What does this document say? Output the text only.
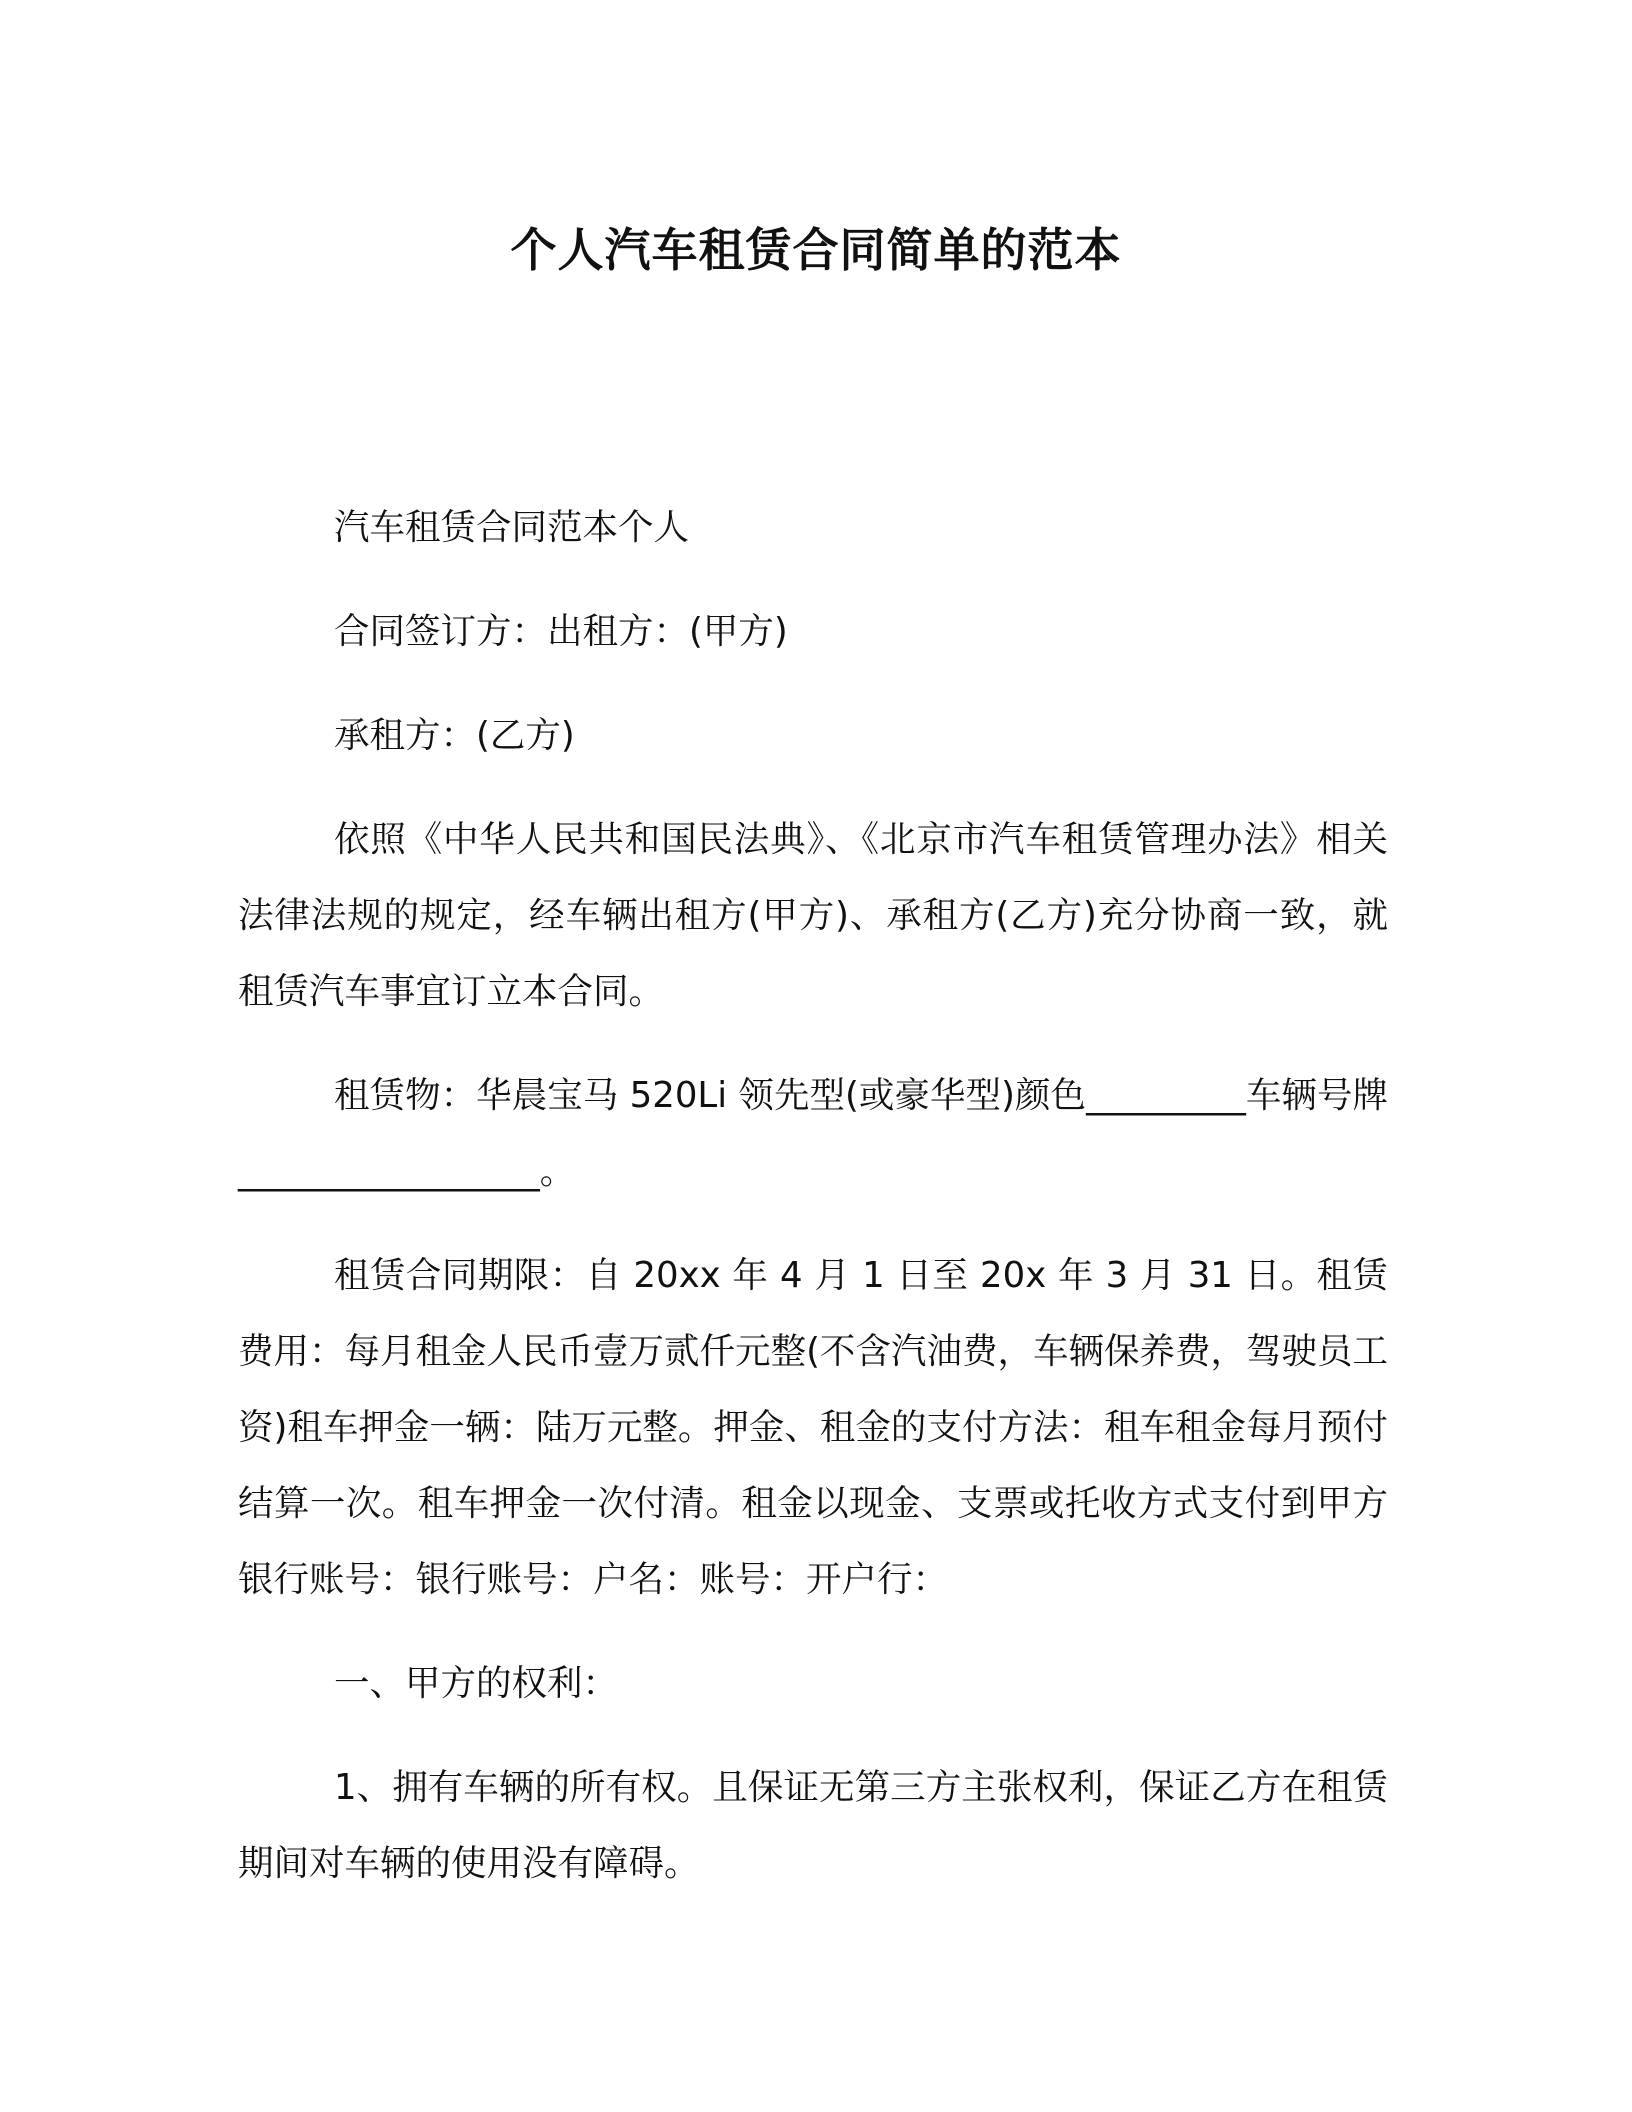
个人汽车租赁合同简单的范本

汽车租赁合同范本个人

合同签订方：出租方：(甲方)

承租方：(乙方)

依照《中华人民共和国民法典》、《北京市汽车租赁管理办法》相关法律法规的规定，经车辆出租方(甲方)、承租方(乙方)充分协商一致，就租赁汽车事宜订立本合同。

租赁物：华晨宝马 520Li 领先型(或豪华型)颜色_________车辆号牌_________________。

租赁合同期限：自 20xx 年 4 月 1 日至 20x 年 3 月 31 日。租赁费用：每月租金人民币壹万贰仟元整(不含汽油费，车辆保养费，驾驶员工资)租车押金一辆：陆万元整。押金、租金的支付方法：租车租金每月预付结算一次。租车押金一次付清。租金以现金、支票或托收方式支付到甲方银行账号：银行账号：户名：账号：开户行：

一、甲方的权利：

1、拥有车辆的所有权。且保证无第三方主张权利，保证乙方在租赁期间对车辆的使用没有障碍。
